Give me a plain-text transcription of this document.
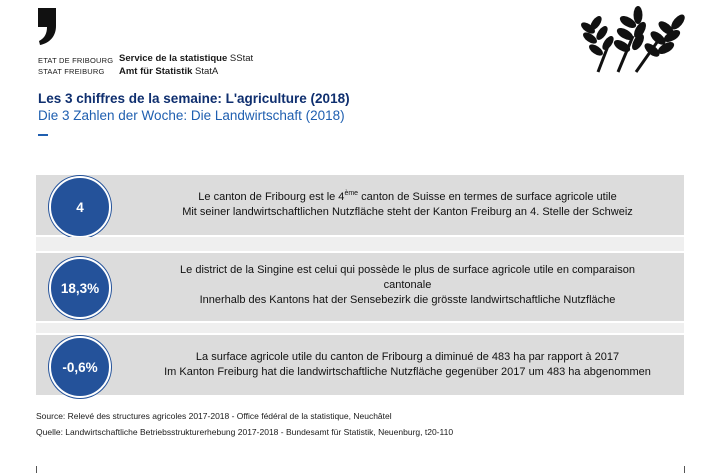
ETAT DE FRIBOURG
STAAT FREIBURG
Service de la statistique SStat
Amt für Statistik StatA
Les 3 chiffres de la semaine: L'agriculture (2018)
Die 3 Zahlen der Woche: Die Landwirtschaft (2018)
4
Le canton de Fribourg est le 4ème canton de Suisse en termes de surface agricole utile
Mit seiner landwirtschaftlichen Nutzfläche steht der Kanton Freiburg an 4. Stelle der Schweiz
18,3%
Le district de la Singine est celui qui possède le plus de surface agricole utile en comparaison
cantonale
Innerhalb des Kantons hat der Sensebezirk die grösste landwirtschaftliche Nutzfläche
-0,6%
La surface agricole utile du canton de Fribourg a diminué de 483 ha par rapport à 2017
Im Kanton Freiburg hat die landwirtschaftliche Nutzfläche gegenüber 2017 um 483 ha abgenommen
Source: Relevé des structures agricoles 2017-2018 - Office fédéral de la statistique, Neuchâtel
Quelle: Landwirtschaftliche Betriebsstrukturerhebung 2017-2018 - Bundesamt für Statistik, Neuenburg, t20-110
